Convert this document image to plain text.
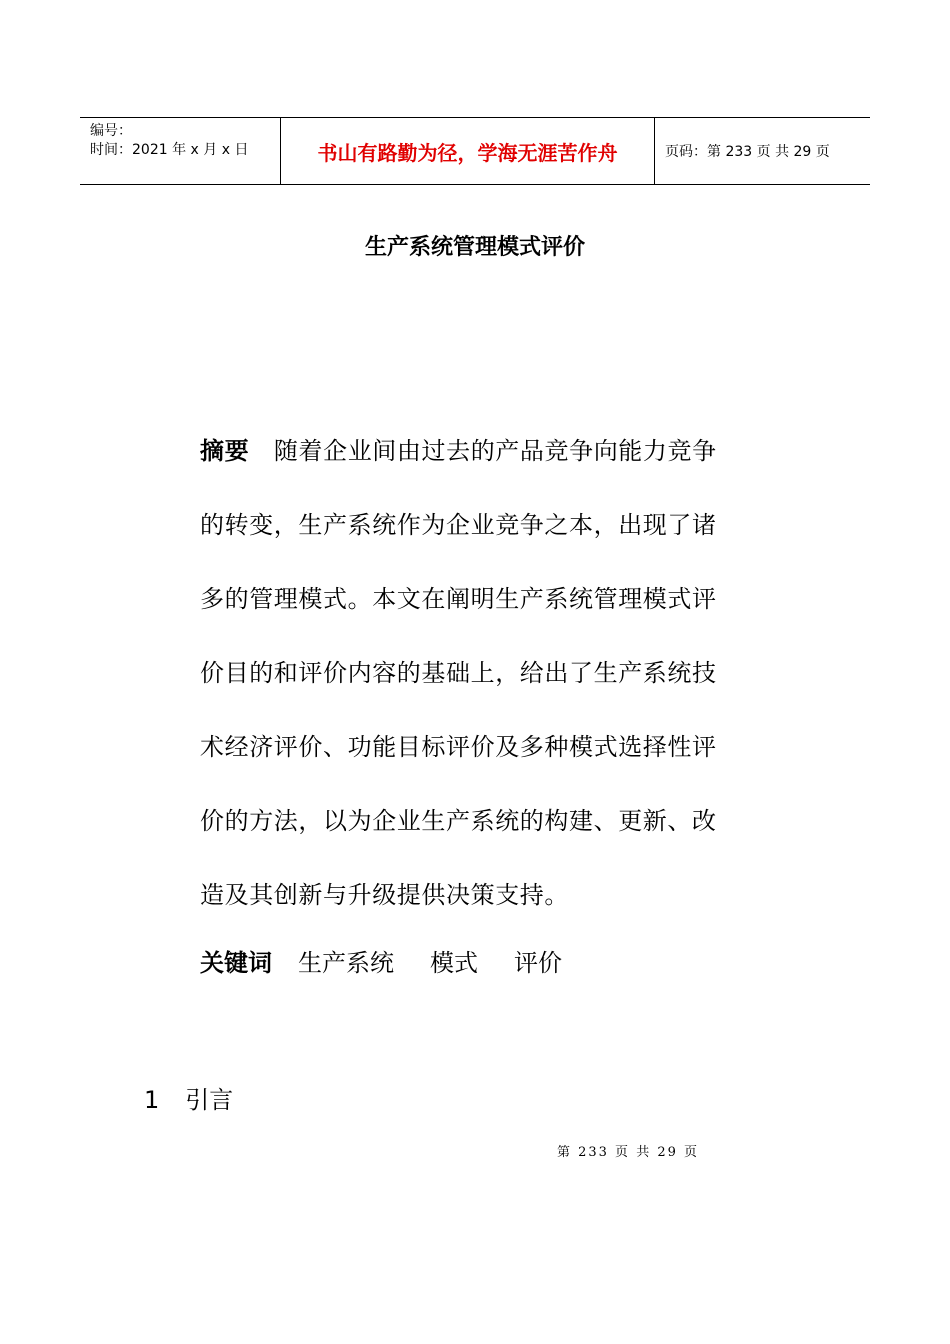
编号：
时间：2021 年 x 月 x 日	书山有路勤为径，学海无涯苦作舟	页码：第 233 页 共 29 页
生产系统管理模式评价
摘要 随着企业间由过去的产品竞争向能力竞争
的转变，生产系统作为企业竞争之本，出现了诸
多的管理模式。本文在阐明生产系统管理模式评
价目的和评价内容的基础上，给出了生产系统技
术经济评价、功能目标评价及多种模式选择性评
价的方法，以为企业生产系统的构建、更新、改
造及其创新与升级提供决策支持。
关键词 生产系统 模式 评价
1 引言
第 233 页 共 29 页
